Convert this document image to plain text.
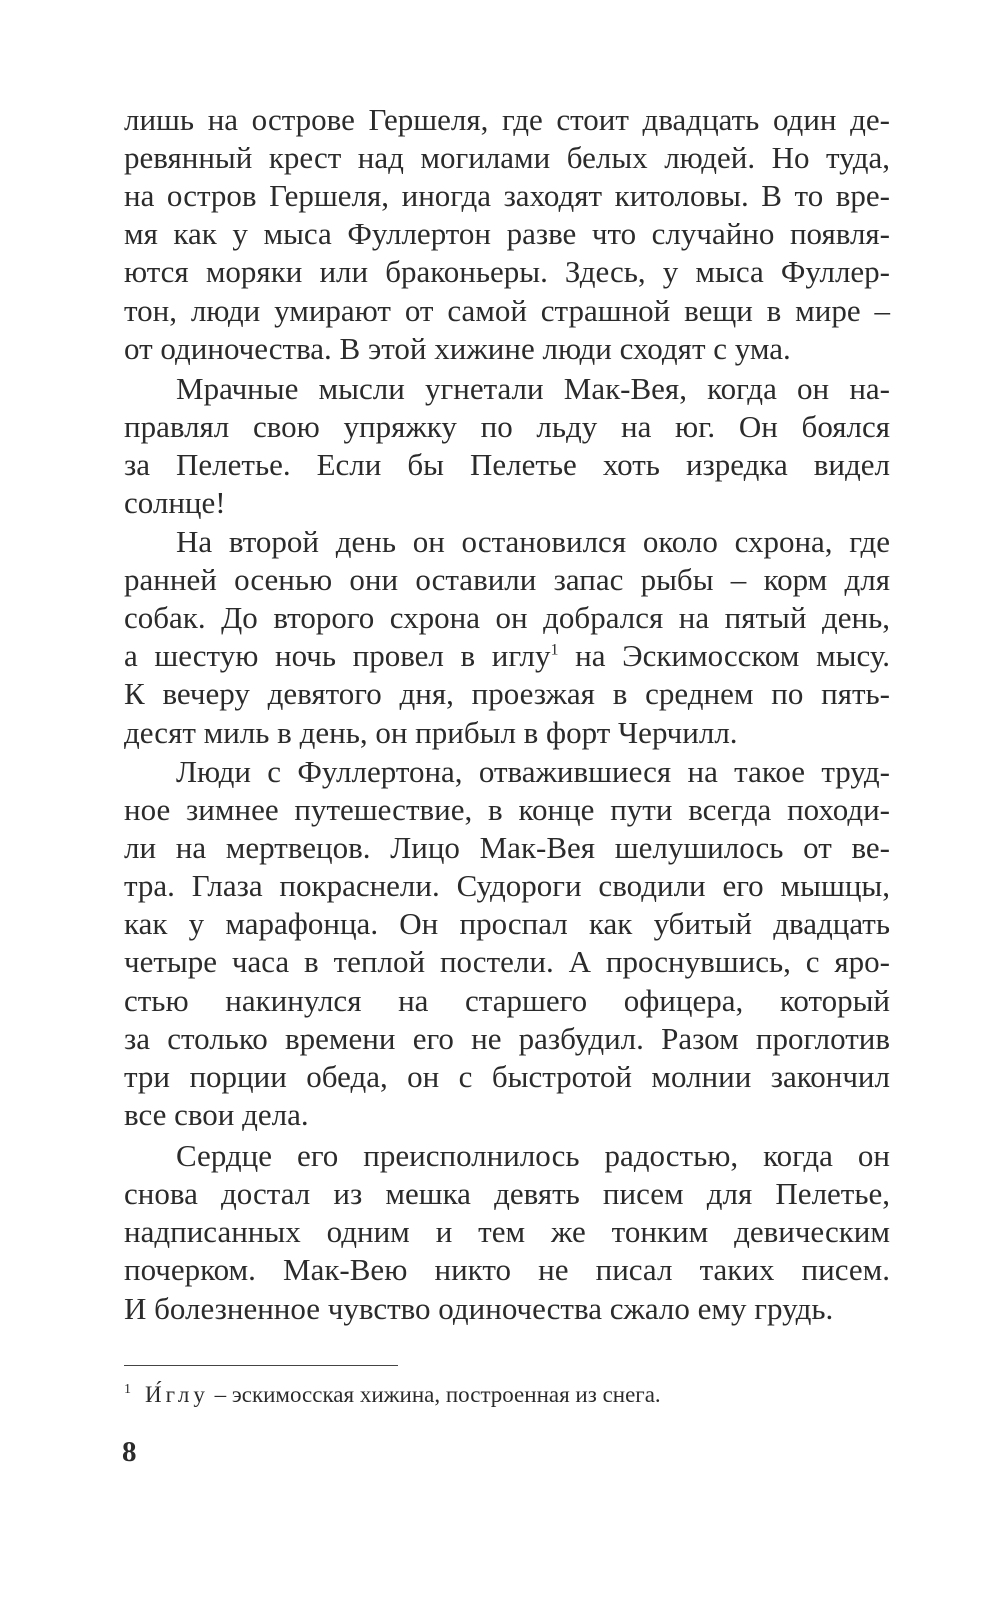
лишь на острове Гершеля, где стоит двадцать один де-
ревянный крест над могилами белых людей. Но туда,
на остров Гершеля, иногда заходят китоловы. В то вре-
мя как у мыса Фуллертон разве что случайно появля-
ются моряки или браконьеры. Здесь, у мыса Фуллер-
тон, люди умирают от самой страшной вещи в мире –
от одиночества. В этой хижине люди сходят с ума.
Мрачные мысли угнетали Мак-Вея, когда он на-
правлял свою упряжку по льду на юг. Он боялся
за Пелетье. Если бы Пелетье хоть изредка видел
солнце!
На второй день он остановился около схрона, где
ранней осенью они оставили запас рыбы – корм для
собак. До второго схрона он добрался на пятый день,
а шестую ночь провел в иглу$^1$ на Эскимосском мысу.
К вечеру девятого дня, проезжая в среднем по пять-
десят миль в день, он прибыл в форт Черчилл.
Люди с Фуллертона, отважившиеся на такое труд-
ное зимнее путешествие, в конце пути всегда походи-
ли на мертвецов. Лицо Мак-Вея шелушилось от ве-
тра. Глаза покраснели. Судороги сводили его мышцы,
как у марафонца. Он проспал как убитый двадцать
четыре часа в теплой постели. А проснувшись, с яро-
стью накинулся на старшего офицера, который
за столько времени его не разбудил. Разом проглотив
три порции обеда, он с быстротой молнии закончил
все свои дела.
Сердце его преисполнилось радостью, когда он
снова достал из мешка девять писем для Пелетье,
надписанных одним и тем же тонким девическим
почерком. Мак-Вею никто не писал таких писем.
И болезненное чувство одиночества сжало ему грудь.
$^1$ И́глу – эскимосская хижина, построенная из снега.
8
